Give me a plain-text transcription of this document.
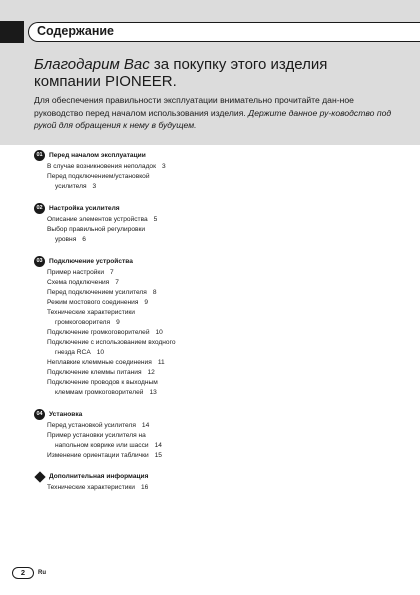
Содержание
Благодарим Вас за покупку этого изделия компании PIONEER.
Для обеспечения правильности эксплуатации внимательно прочитайте дан-ное руководство перед началом использования изделия. Держите данное ру-ководство под рукой для обращения к нему в будущем.
01 Перед началом эксплуатации
В случае возникновения неполадок 3
Перед подключением/установкой
усилителя 3
02 Настройка усилителя
Описание элементов устройства 5
Выбор правильной регулировки
уровня 6
03 Подключение устройства
Пример настройки 7
Схема подключения 7
Перед подключением усилителя 8
Режим мостового соединения 9
Технические характеристики
громкоговорителя 9
Подключение громкоговорителей 10
Подключение с использованием входного
гнезда RCA 10
Неплавкие клеммные соединения 11
Подключение клеммы питания 12
Подключение проводов к выходным
клеммам громкоговорителей 13
04 Установка
Перед установкой усилителя 14
Пример установки усилителя на
напольном коврике или шасси 14
Изменение ориентации таблички 15
Дополнительная информация
Технические характеристики 16
2	Ru
